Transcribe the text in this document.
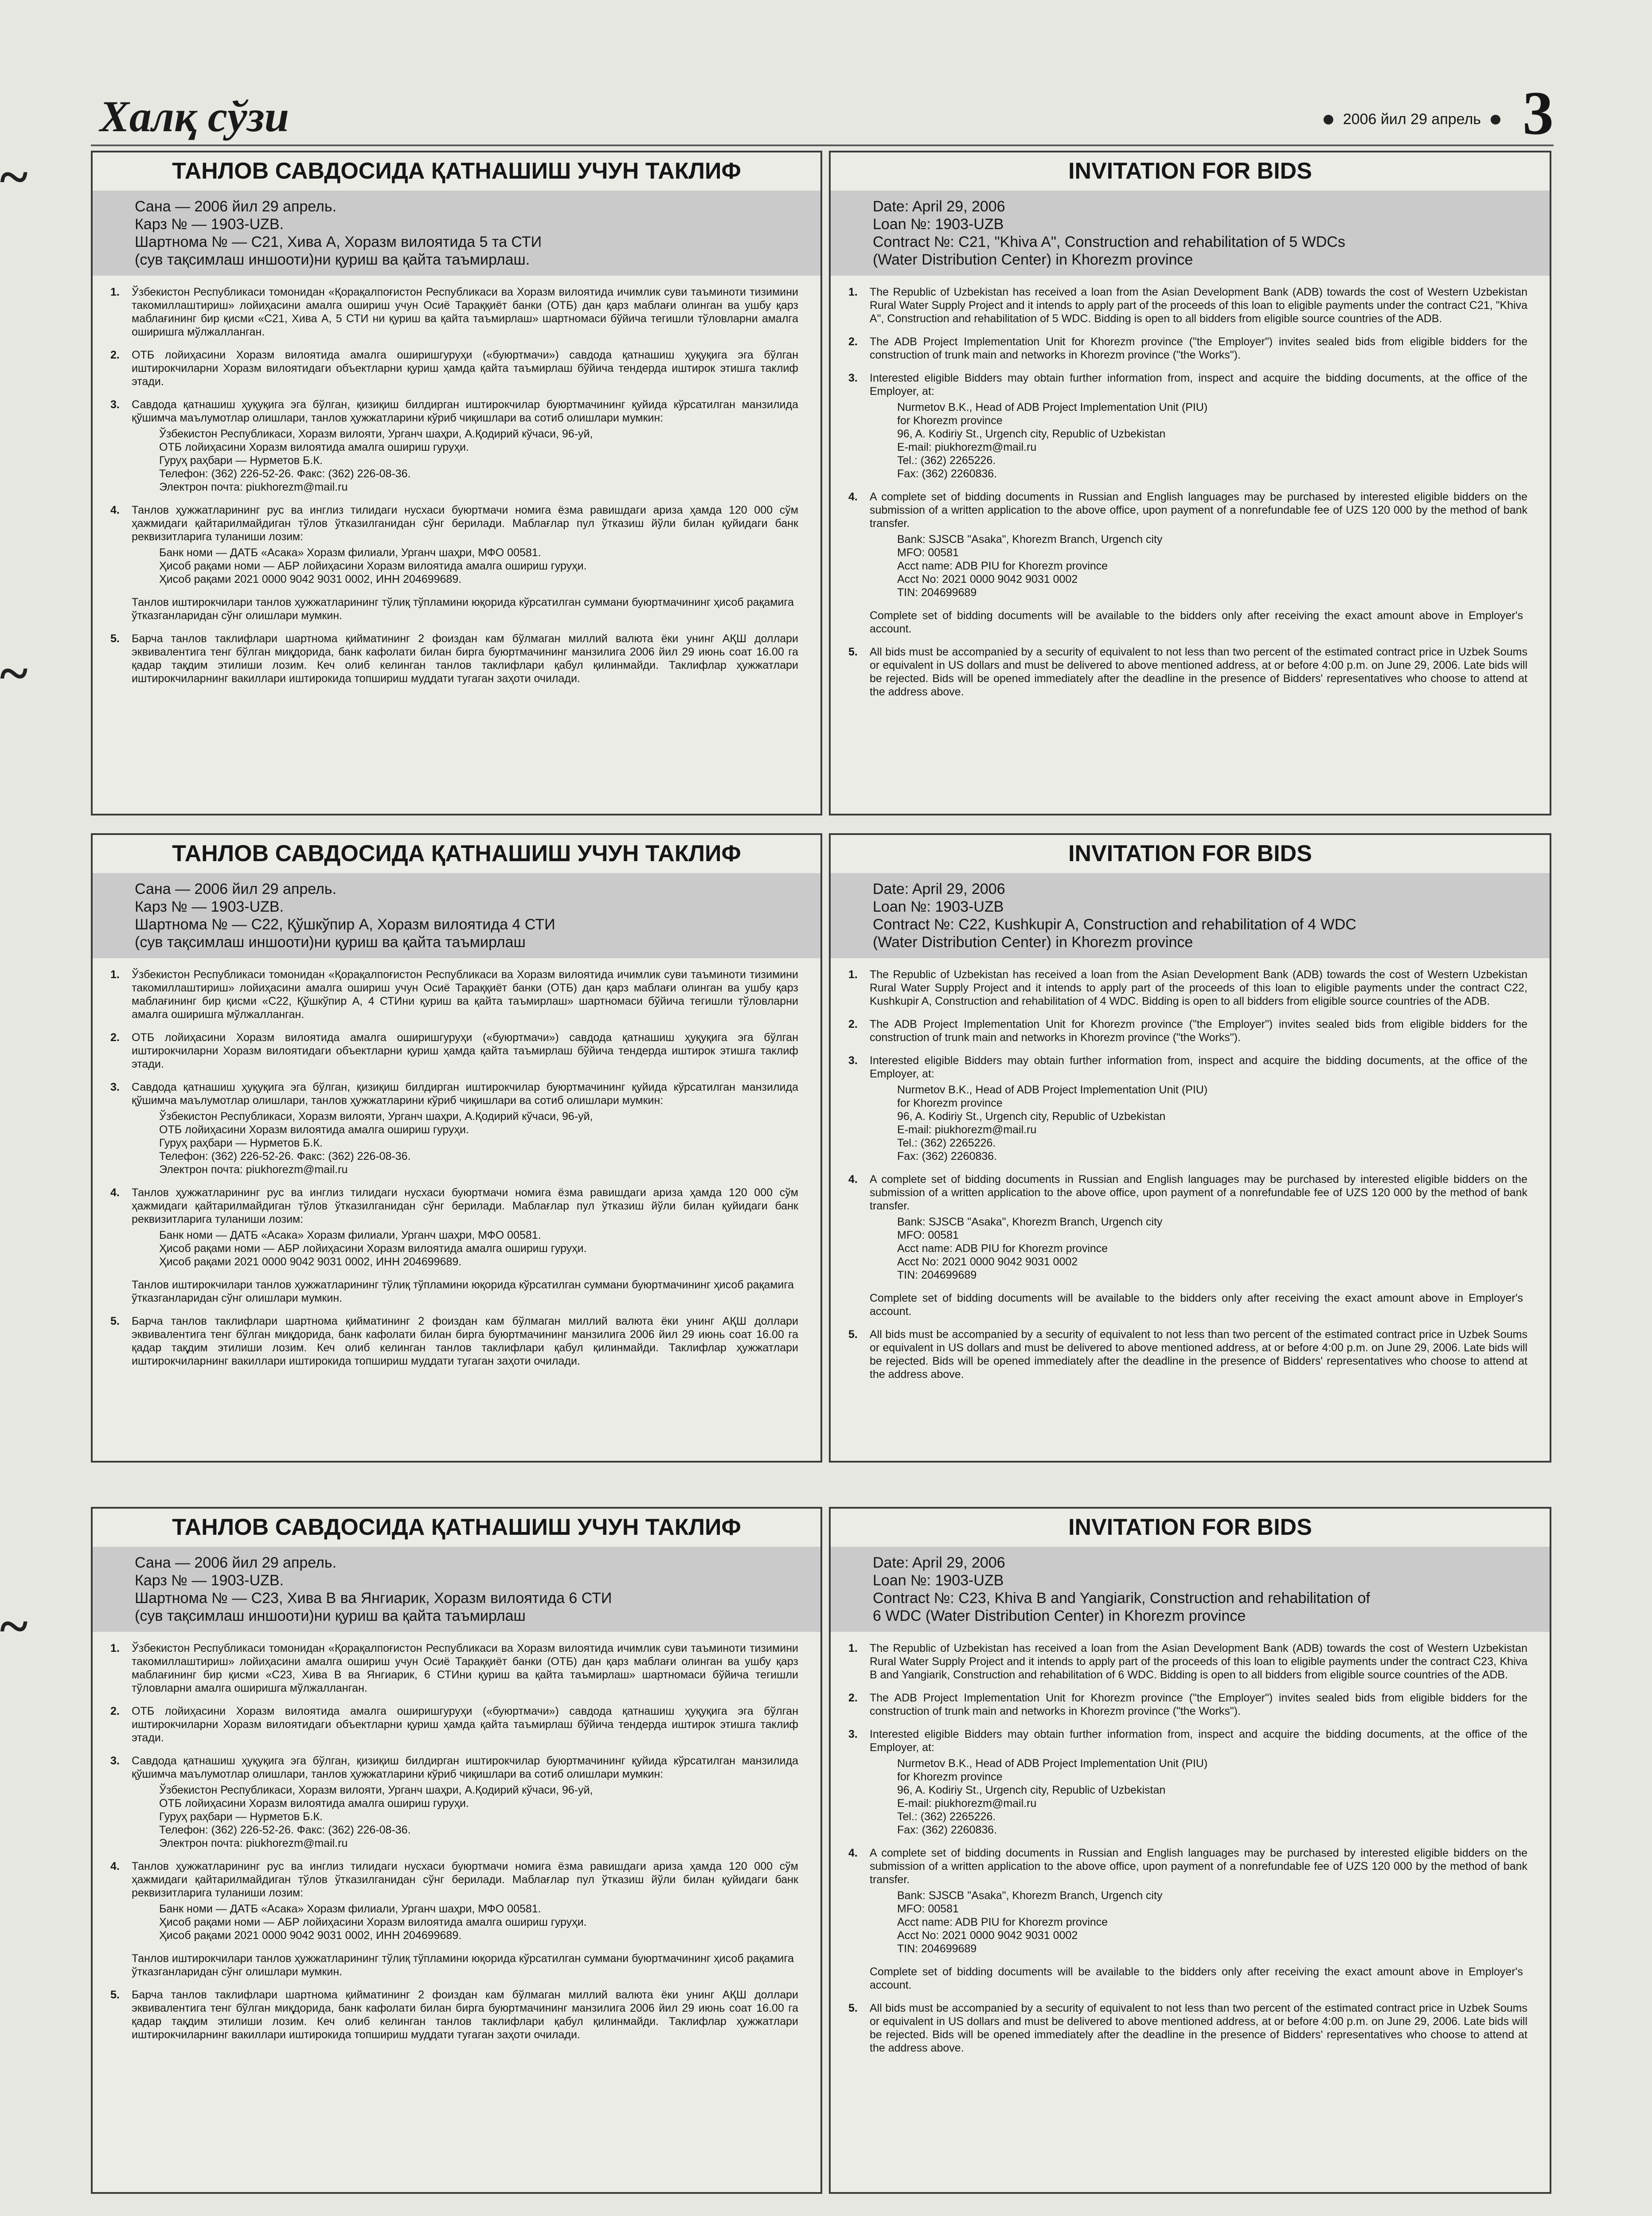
Халқ сўзи	2006 йил 29 апрель 3
~
~
~
ТАНЛОВ САВДОСИДА ҚАТНАШИШ УЧУН ТАКЛИФ
Сана — 2006 йил 29 апрель.
Карз № — 1903-UZB.
Шартнома № — C21, Хива А, Хоразм вилоятида 5 та СТИ
(сув тақсимлаш иншооти)ни қуриш ва қайта таъмирлаш.
1.	Ўзбекистон Республикаси томонидан «Қорақалпоғистон Республикаси ва Хоразм вилоятида ичимлик суви таъминоти тизимини такомиллаштириш» лойиҳасини амалга ошириш учун Осиё Тараққиёт банки (ОТБ) дан қарз маблағи олинган ва ушбу қарз маблағининг бир қисми «C21, Хива А, 5 СТИ ни қуриш ва қайта таъмирлаш» шартномаси бўйича тегишли тўловларни амалга оширишга мўлжалланган.
2.	ОТБ лойиҳасини Хоразм вилоятида амалга оширишгуруҳи («буюртмачи») савдода қатнашиш ҳуқуқига эга бўлган иштирокчиларни Хоразм вилоятидаги объектларни қуриш ҳамда қайта таъмирлаш бўйича тендерда иштирок этишга таклиф этади.
3.	Савдода қатнашиш ҳуқуқига эга бўлган, қизиқиш билдирган иштирокчилар буюртмачининг қуйида кўрсатилган манзилида қўшимча маълумотлар олишлари, танлов ҳужжатларини кўриб чиқишлари ва сотиб олишлари мумкин:
Ўзбекистон Республикаси, Хоразм вилояти, Урганч шаҳри, А.Қодирий кўчаси, 96-уй,
ОТБ лойиҳасини Хоразм вилоятида амалга ошириш гуруҳи.
Гуруҳ раҳбари — Нурметов Б.К.
Телефон: (362) 226-52-26. Факс: (362) 226-08-36.
Электрон почта: piukhorezm@mail.ru
4.	Танлов ҳужжатларининг рус ва инглиз тилидаги нусхаси буюртмачи номига ёзма равишдаги ариза ҳамда 120 000 сўм ҳажмидаги қайтарилмайдиган тўлов ўтказилганидан сўнг берилади. Маблағлар пул ўтказиш йўли билан қуйидаги банк реквизитларига туланиши лозим:
Банк номи — ДАТБ «Асака» Хоразм филиали, Урганч шаҳри, МФО 00581.
Ҳисоб рақами номи — АБР лойиҳасини Хоразм вилоятида амалга ошириш гуруҳи.
Ҳисоб рақами 2021 0000 9042 9031 0002, ИНН 204699689.
Танлов иштирокчилари танлов ҳужжатларининг тўлиқ тўпламини юқорида кўрсатилган суммани буюртмачининг ҳисоб рақамига ўтказганларидан сўнг олишлари мумкин.
5.	Барча танлов таклифлари шартнома қийматининг 2 фоиздан кам бўлмаган миллий валюта ёки унинг АҚШ доллари эквивалентига тенг бўлган миқдорида, банк кафолати билан бирга буюртмачининг манзилига 2006 йил 29 июнь соат 16.00 га қадар тақдим этилиши лозим. Кеч олиб келинган танлов таклифлари қабул қилинмайди. Таклифлар ҳужжатлари иштирокчиларнинг вакиллари иштирокида топшириш муддати тугаган заҳоти очилади.
INVITATION FOR BIDS
Date: April 29, 2006
Loan №: 1903-UZB
Contract №: C21, "Khiva A", Construction and rehabilitation of 5 WDCs
(Water Distribution Center) in Khorezm province
1.	The Republic of Uzbekistan has received a loan from the Asian Development Bank (ADB) towards the cost of Western Uzbekistan Rural Water Supply Project and it intends to apply part of the proceeds of this loan to eligible payments under the contract C21, "Khiva A", Construction and rehabilitation of 5 WDC. Bidding is open to all bidders from eligible source countries of the ADB.
2.	The ADB Project Implementation Unit for Khorezm province ("the Employer") invites sealed bids from eligible bidders for the construction of trunk main and networks in Khorezm province ("the Works").
3.	Interested eligible Bidders may obtain further information from, inspect and acquire the bidding documents, at the office of the Employer, at:
Nurmetov B.K., Head of ADB Project Implementation Unit (PIU)
for Khorezm province
96, A. Kodiriy St., Urgench city, Republic of Uzbekistan
E-mail: piukhorezm@mail.ru
Tel.: (362) 2265226.
Fax: (362) 2260836.
4.	A complete set of bidding documents in Russian and English languages may be purchased by interested eligible bidders on the submission of a written application to the above office, upon payment of a nonrefundable fee of UZS 120 000 by the method of bank transfer.
Bank: SJSCB "Asaka", Khorezm Branch, Urgench city
MFO: 00581
Acct name: ADB PIU for Khorezm province
Acct No: 2021 0000 9042 9031 0002
TIN: 204699689
Complete set of bidding documents will be available to the bidders only after receiving the exact amount above in Employer's account.
5.	All bids must be accompanied by a security of equivalent to not less than two percent of the estimated contract price in Uzbek Soums or equivalent in US dollars and must be delivered to above mentioned address, at or before 4:00 p.m. on June 29, 2006. Late bids will be rejected. Bids will be opened immediately after the deadline in the presence of Bidders' representatives who choose to attend at the address above.
ТАНЛОВ САВДОСИДА ҚАТНАШИШ УЧУН ТАКЛИФ
Сана — 2006 йил 29 апрель.
Карз № — 1903-UZB.
Шартнома № — C22, Қўшкўпир А, Хоразм вилоятида 4 СТИ
(сув тақсимлаш иншооти)ни қуриш ва қайта таъмирлаш
1.	Ўзбекистон Республикаси томонидан «Қорақалпоғистон Республикаси ва Хоразм вилоятида ичимлик суви таъминоти тизимини такомиллаштириш» лойиҳасини амалга ошириш учун Осиё Тараққиёт банки (ОТБ) дан қарз маблағи олинган ва ушбу қарз маблағининг бир қисми «C22, Қўшкўпир А, 4 СТИни қуриш ва қайта таъмирлаш» шартномаси бўйича тегишли тўловларни амалга оширишга мўлжалланган.
2.	ОТБ лойиҳасини Хоразм вилоятида амалга оширишгуруҳи («буюртмачи») савдода қатнашиш ҳуқуқига эга бўлган иштирокчиларни Хоразм вилоятидаги объектларни қуриш ҳамда қайта таъмирлаш бўйича тендерда иштирок этишга таклиф этади.
3.	Савдода қатнашиш ҳуқуқига эга бўлган, қизиқиш билдирган иштирокчилар буюртмачининг қуйида кўрсатилган манзилида қўшимча маълумотлар олишлари, танлов ҳужжатларини кўриб чиқишлари ва сотиб олишлари мумкин:
Ўзбекистон Республикаси, Хоразм вилояти, Урганч шаҳри, А.Қодирий кўчаси, 96-уй,
ОТБ лойиҳасини Хоразм вилоятида амалга ошириш гуруҳи.
Гуруҳ раҳбари — Нурметов Б.К.
Телефон: (362) 226-52-26. Факс: (362) 226-08-36.
Электрон почта: piukhorezm@mail.ru
4.	Танлов ҳужжатларининг рус ва инглиз тилидаги нусхаси буюртмачи номига ёзма равишдаги ариза ҳамда 120 000 сўм ҳажмидаги қайтарилмайдиган тўлов ўтказилганидан сўнг берилади. Маблағлар пул ўтказиш йўли билан қуйидаги банк реквизитларига туланиши лозим:
Банк номи — ДАТБ «Асака» Хоразм филиали, Урганч шаҳри, МФО 00581.
Ҳисоб рақами номи — АБР лойиҳасини Хоразм вилоятида амалга ошириш гуруҳи.
Ҳисоб рақами 2021 0000 9042 9031 0002, ИНН 204699689.
Танлов иштирокчилари танлов ҳужжатларининг тўлиқ тўпламини юқорида кўрсатилган суммани буюртмачининг ҳисоб рақамига ўтказганларидан сўнг олишлари мумкин.
5.	Барча танлов таклифлари шартнома қийматининг 2 фоиздан кам бўлмаган миллий валюта ёки унинг АҚШ доллари эквивалентига тенг бўлган миқдорида, банк кафолати билан бирга буюртмачининг манзилига 2006 йил 29 июнь соат 16.00 га қадар тақдим этилиши лозим. Кеч олиб келинган танлов таклифлари қабул қилинмайди. Таклифлар ҳужжатлари иштирокчиларнинг вакиллари иштирокида топшириш муддати тугаган заҳоти очилади.
INVITATION FOR BIDS
Date: April 29, 2006
Loan №: 1903-UZB
Contract №: C22, Kushkupir A, Construction and rehabilitation of 4 WDC
(Water Distribution Center) in Khorezm province
1.	The Republic of Uzbekistan has received a loan from the Asian Development Bank (ADB) towards the cost of Western Uzbekistan Rural Water Supply Project and it intends to apply part of the proceeds of this loan to eligible payments under the contract C22, Kushkupir A, Construction and rehabilitation of 4 WDC. Bidding is open to all bidders from eligible source countries of the ADB.
2.	The ADB Project Implementation Unit for Khorezm province ("the Employer") invites sealed bids from eligible bidders for the construction of trunk main and networks in Khorezm province ("the Works").
3.	Interested eligible Bidders may obtain further information from, inspect and acquire the bidding documents, at the office of the Employer, at:
Nurmetov B.K., Head of ADB Project Implementation Unit (PIU)
for Khorezm province
96, A. Kodiriy St., Urgench city, Republic of Uzbekistan
E-mail: piukhorezm@mail.ru
Tel.: (362) 2265226.
Fax: (362) 2260836.
4.	A complete set of bidding documents in Russian and English languages may be purchased by interested eligible bidders on the submission of a written application to the above office, upon payment of a nonrefundable fee of UZS 120 000 by the method of bank transfer.
Bank: SJSCB "Asaka", Khorezm Branch, Urgench city
MFO: 00581
Acct name: ADB PIU for Khorezm province
Acct No: 2021 0000 9042 9031 0002
TIN: 204699689
Complete set of bidding documents will be available to the bidders only after receiving the exact amount above in Employer's account.
5.	All bids must be accompanied by a security of equivalent to not less than two percent of the estimated contract price in Uzbek Soums or equivalent in US dollars and must be delivered to above mentioned address, at or before 4:00 p.m. on June 29, 2006. Late bids will be rejected. Bids will be opened immediately after the deadline in the presence of Bidders' representatives who choose to attend at the address above.
ТАНЛОВ САВДОСИДА ҚАТНАШИШ УЧУН ТАКЛИФ
Сана — 2006 йил 29 апрель.
Карз № — 1903-UZB.
Шартнома № — C23, Хива В ва Янгиарик, Хоразм вилоятида 6 СТИ
(сув тақсимлаш иншооти)ни қуриш ва қайта таъмирлаш
1.	Ўзбекистон Республикаси томонидан «Қорақалпоғистон Республикаси ва Хоразм вилоятида ичимлик суви таъминоти тизимини такомиллаштириш» лойиҳасини амалга ошириш учун Осиё Тараққиёт банки (ОТБ) дан қарз маблағи олинган ва ушбу қарз маблағининг бир қисми «C23, Хива В ва Янгиарик, 6 СТИни қуриш ва қайта таъмирлаш» шартномаси бўйича тегишли тўловларни амалга оширишга мўлжалланган.
2.	ОТБ лойиҳасини Хоразм вилоятида амалга оширишгуруҳи («буюртмачи») савдода қатнашиш ҳуқуқига эга бўлган иштирокчиларни Хоразм вилоятидаги объектларни қуриш ҳамда қайта таъмирлаш бўйича тендерда иштирок этишга таклиф этади.
3.	Савдода қатнашиш ҳуқуқига эга бўлган, қизиқиш билдирган иштирокчилар буюртмачининг қуйида кўрсатилган манзилида қўшимча маълумотлар олишлари, танлов ҳужжатларини кўриб чиқишлари ва сотиб олишлари мумкин:
Ўзбекистон Республикаси, Хоразм вилояти, Урганч шаҳри, А.Қодирий кўчаси, 96-уй,
ОТБ лойиҳасини Хоразм вилоятида амалга ошириш гуруҳи.
Гуруҳ раҳбари — Нурметов Б.К.
Телефон: (362) 226-52-26. Факс: (362) 226-08-36.
Электрон почта: piukhorezm@mail.ru
4.	Танлов ҳужжатларининг рус ва инглиз тилидаги нусхаси буюртмачи номига ёзма равишдаги ариза ҳамда 120 000 сўм ҳажмидаги қайтарилмайдиган тўлов ўтказилганидан сўнг берилади. Маблағлар пул ўтказиш йўли билан қуйидаги банк реквизитларига туланиши лозим:
Банк номи — ДАТБ «Асака» Хоразм филиали, Урганч шаҳри, МФО 00581.
Ҳисоб рақами номи — АБР лойиҳасини Хоразм вилоятида амалга ошириш гуруҳи.
Ҳисоб рақами 2021 0000 9042 9031 0002, ИНН 204699689.
Танлов иштирокчилари танлов ҳужжатларининг тўлиқ тўпламини юқорида кўрсатилган суммани буюртмачининг ҳисоб рақамига ўтказганларидан сўнг олишлари мумкин.
5.	Барча танлов таклифлари шартнома қийматининг 2 фоиздан кам бўлмаган миллий валюта ёки унинг АҚШ доллари эквивалентига тенг бўлган миқдорида, банк кафолати билан бирга буюртмачининг манзилига 2006 йил 29 июнь соат 16.00 га қадар тақдим этилиши лозим. Кеч олиб келинган танлов таклифлари қабул қилинмайди. Таклифлар ҳужжатлари иштирокчиларнинг вакиллари иштирокида топшириш муддати тугаган заҳоти очилади.
INVITATION FOR BIDS
Date: April 29, 2006
Loan №: 1903-UZB
Contract №: C23, Khiva B and Yangiarik, Construction and rehabilitation of
6 WDC (Water Distribution Center) in Khorezm province
1.	The Republic of Uzbekistan has received a loan from the Asian Development Bank (ADB) towards the cost of Western Uzbekistan Rural Water Supply Project and it intends to apply part of the proceeds of this loan to eligible payments under the contract C23, Khiva B and Yangiarik, Construction and rehabilitation of 6 WDC. Bidding is open to all bidders from eligible source countries of the ADB.
2.	The ADB Project Implementation Unit for Khorezm province ("the Employer") invites sealed bids from eligible bidders for the construction of trunk main and networks in Khorezm province ("the Works").
3.	Interested eligible Bidders may obtain further information from, inspect and acquire the bidding documents, at the office of the Employer, at:
Nurmetov B.K., Head of ADB Project Implementation Unit (PIU)
for Khorezm province
96, A. Kodiriy St., Urgench city, Republic of Uzbekistan
E-mail: piukhorezm@mail.ru
Tel.: (362) 2265226.
Fax: (362) 2260836.
4.	A complete set of bidding documents in Russian and English languages may be purchased by interested eligible bidders on the submission of a written application to the above office, upon payment of a nonrefundable fee of UZS 120 000 by the method of bank transfer.
Bank: SJSCB "Asaka", Khorezm Branch, Urgench city
MFO: 00581
Acct name: ADB PIU for Khorezm province
Acct No: 2021 0000 9042 9031 0002
TIN: 204699689
Complete set of bidding documents will be available to the bidders only after receiving the exact amount above in Employer's account.
5.	All bids must be accompanied by a security of equivalent to not less than two percent of the estimated contract price in Uzbek Soums or equivalent in US dollars and must be delivered to above mentioned address, at or before 4:00 p.m. on June 29, 2006. Late bids will be rejected. Bids will be opened immediately after the deadline in the presence of Bidders' representatives who choose to attend at the address above.
